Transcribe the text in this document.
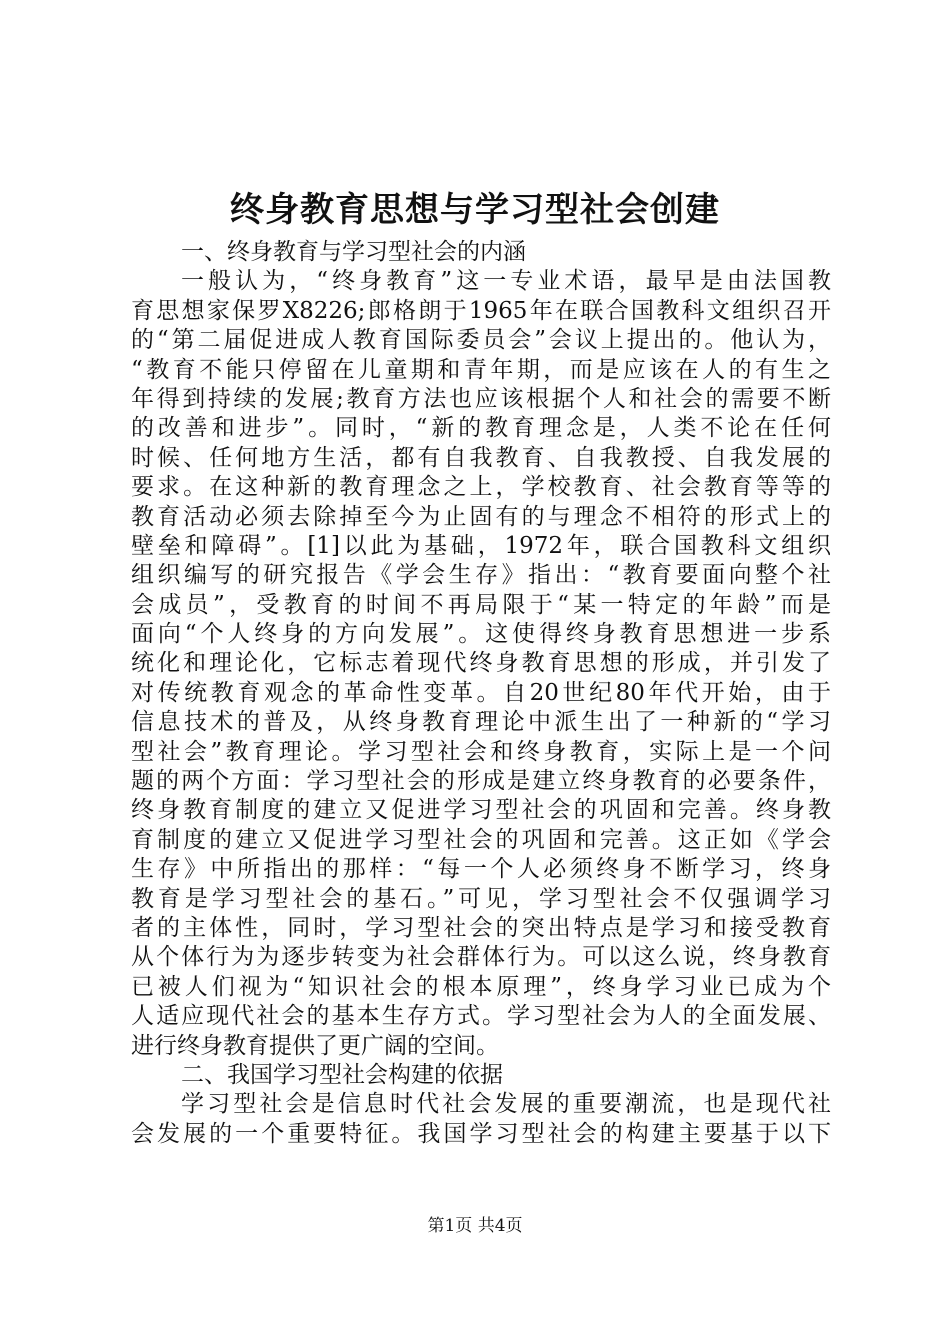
终身教育思想与学习型社会创建
一、终身教育与学习型社会的内涵
一般认为，“终身教育”这一专业术语，最早是由法国教
育思想家保罗X8226;郎格朗于1965年在联合国教科文组织召开
的“第二届促进成人教育国际委员会”会议上提出的。他认为，
“教育不能只停留在儿童期和青年期，而是应该在人的有生之
年得到持续的发展;教育方法也应该根据个人和社会的需要不断
的改善和进步”。同时，“新的教育理念是，人类不论在任何
时候、任何地方生活，都有自我教育、自我教授、自我发展的
要求。在这种新的教育理念之上，学校教育、社会教育等等的
教育活动必须去除掉至今为止固有的与理念不相符的形式上的
壁垒和障碍”。[1]以此为基础，1972年，联合国教科文组织
组织编写的研究报告《学会生存》指出：“教育要面向整个社
会成员”，受教育的时间不再局限于“某一特定的年龄”而是
面向“个人终身的方向发展”。这使得终身教育思想进一步系
统化和理论化，它标志着现代终身教育思想的形成，并引发了
对传统教育观念的革命性变革。自20世纪80年代开始，由于
信息技术的普及，从终身教育理论中派生出了一种新的“学习
型社会”教育理论。学习型社会和终身教育，实际上是一个问
题的两个方面：学习型社会的形成是建立终身教育的必要条件，
终身教育制度的建立又促进学习型社会的巩固和完善。终身教
育制度的建立又促进学习型社会的巩固和完善。这正如《学会
生存》中所指出的那样：“每一个人必须终身不断学习，终身
教育是学习型社会的基石。”可见，学习型社会不仅强调学习
者的主体性，同时，学习型社会的突出特点是学习和接受教育
从个体行为为逐步转变为社会群体行为。可以这么说，终身教育
已被人们视为“知识社会的根本原理”，终身学习业已成为个
人适应现代社会的基本生存方式。学习型社会为人的全面发展、
进行终身教育提供了更广阔的空间。
二、我国学习型社会构建的依据
学习型社会是信息时代社会发展的重要潮流，也是现代社
会发展的一个重要特征。我国学习型社会的构建主要基于以下
第1页 共4页
